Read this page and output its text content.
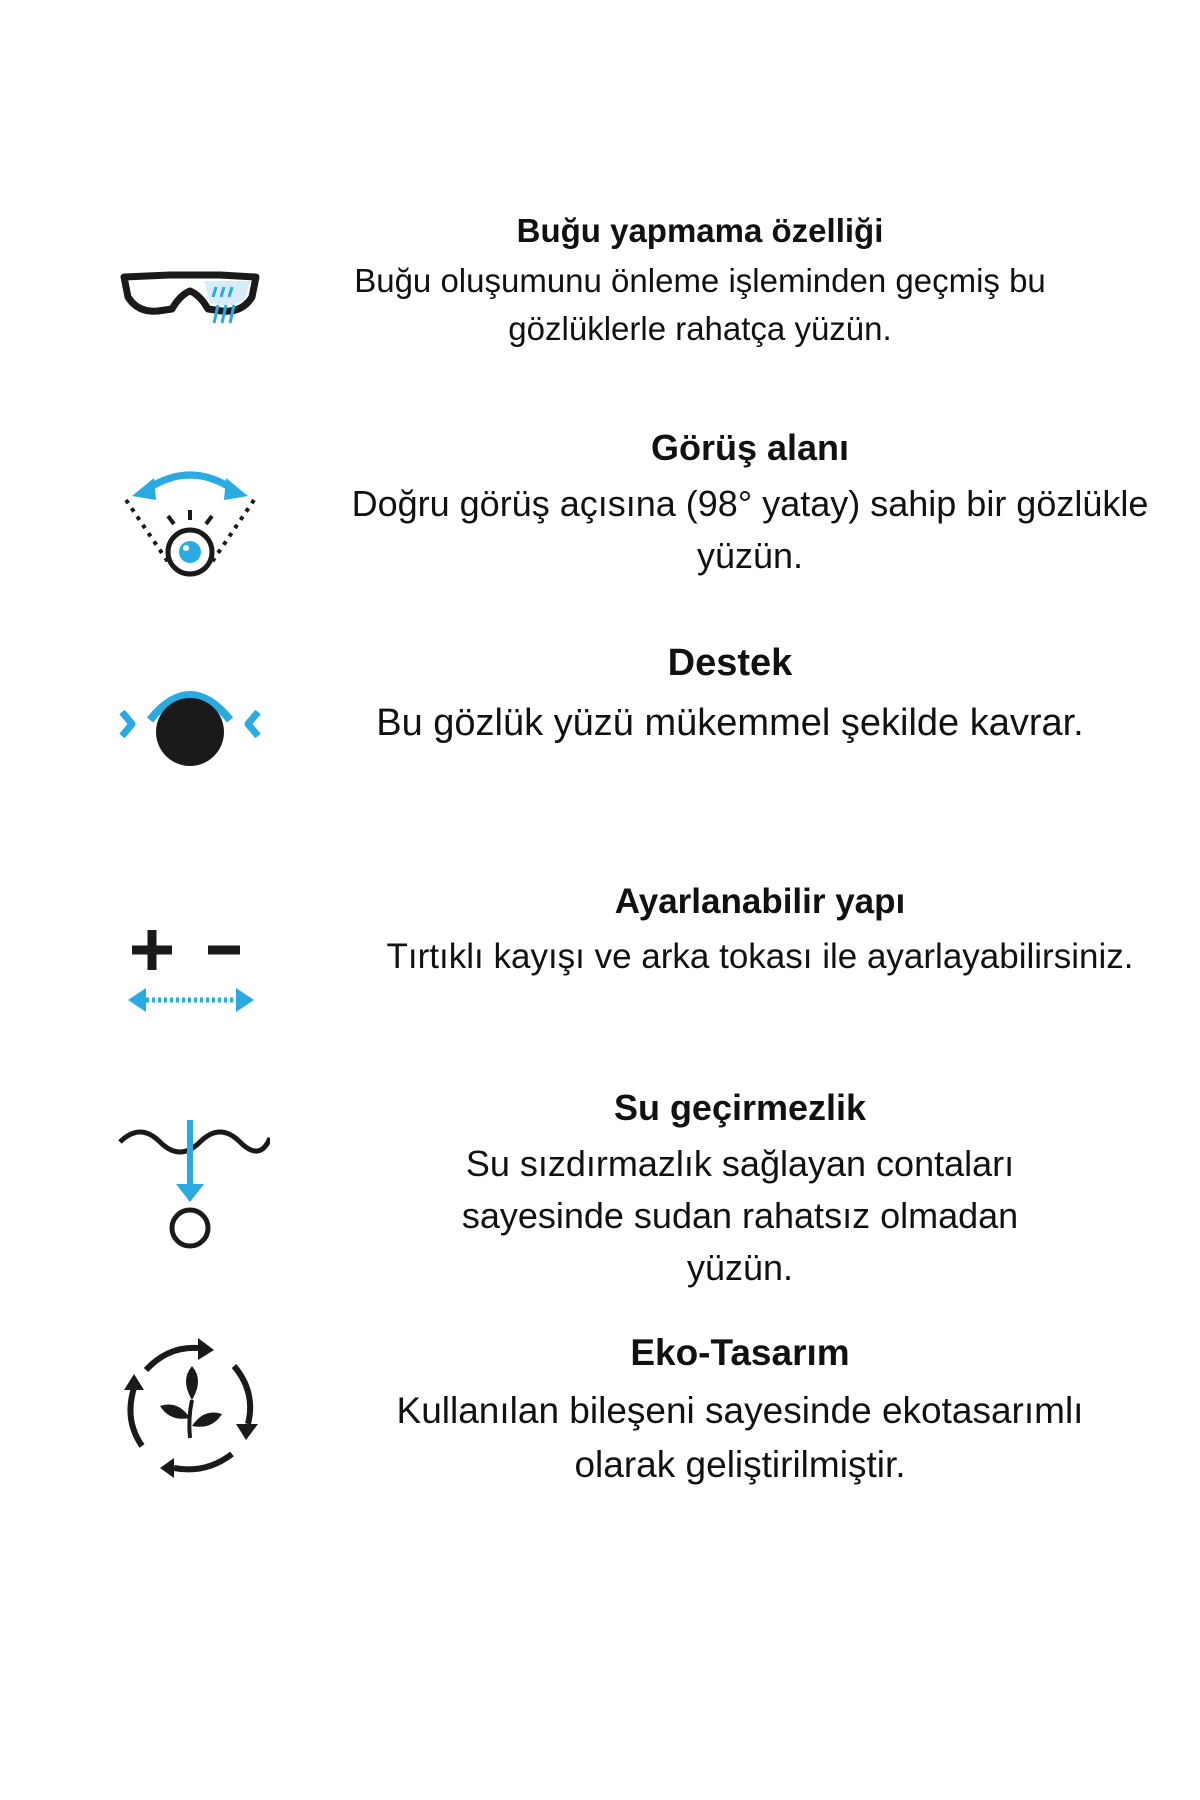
Buğu yapmama özelliği

Buğu oluşumunu önleme işleminden geçmiş bu gözlüklerle rahatça yüzün.

Görüş alanı

Doğru görüş açısına (98° yatay) sahip bir gözlükle yüzün.

Destek

Bu gözlük yüzü mükemmel şekilde kavrar.

Ayarlanabilir yapı

Tırtıklı kayışı ve arka tokası ile ayarlayabilirsiniz.

Su geçirmezlik

Su sızdırmazlık sağlayan contaları sayesinde sudan rahatsız olmadan yüzün.

Eko-Tasarım

Kullanılan bileşeni sayesinde ekotasarımlı olarak geliştirilmiştir.
